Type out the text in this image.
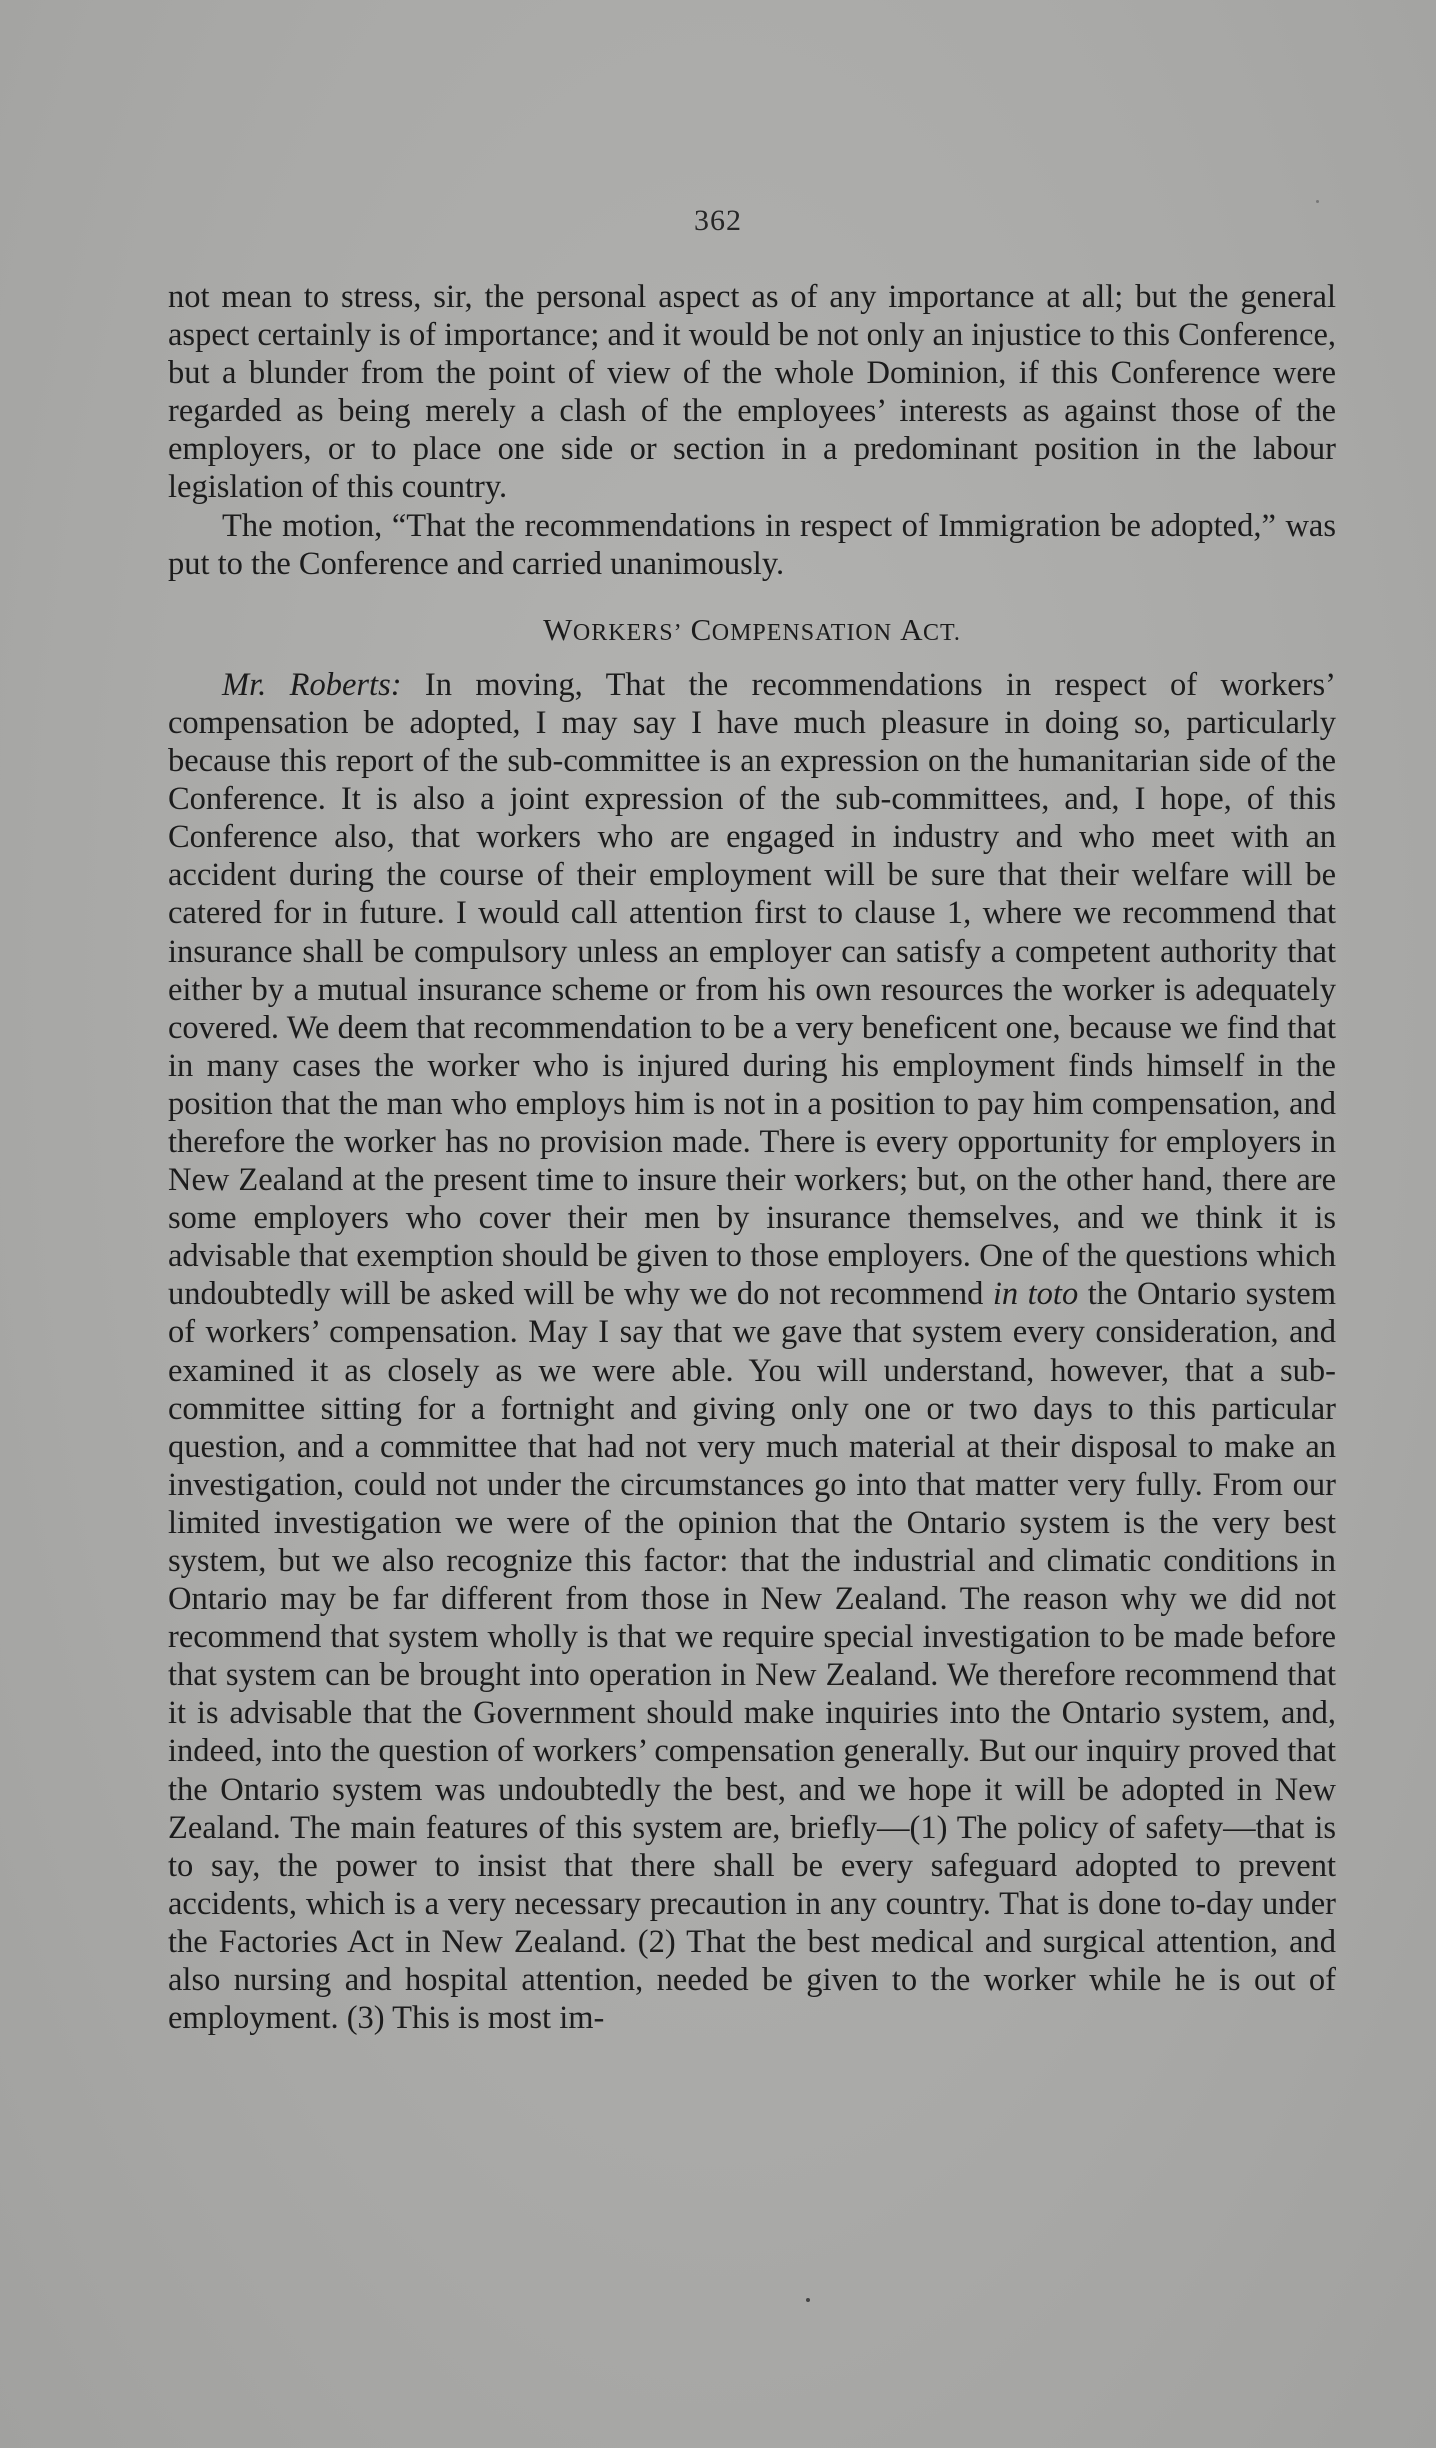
362

not mean to stress, sir, the personal aspect as of any importance at all; but the general aspect certainly is of importance; and it would be not only an injustice to this Conference, but a blunder from the point of view of the whole Dominion, if this Conference were regarded as being merely a clash of the employees’ interests as against those of the employers, or to place one side or section in a predominant position in the labour legislation of this country.

The motion, “That the recommendations in respect of Immigration be adopted,” was put to the Conference and carried unanimously.

WORKERS’ COMPENSATION ACT.

Mr. Roberts: In moving, That the recommendations in respect of workers’ compensation be adopted, I may say I have much pleasure in doing so, particularly because this report of the sub-committee is an expression on the humanitarian side of the Conference. It is also a joint expression of the sub-committees, and, I hope, of this Conference also, that workers who are engaged in industry and who meet with an accident during the course of their employment will be sure that their welfare will be catered for in future. I would call attention first to clause 1, where we recommend that insurance shall be compulsory unless an employer can satisfy a competent authority that either by a mutual insurance scheme or from his own resources the worker is adequately covered. We deem that recommendation to be a very beneficent one, because we find that in many cases the worker who is injured during his employment finds himself in the position that the man who employs him is not in a position to pay him compensation, and therefore the worker has no provision made. There is every opportunity for employers in New Zealand at the present time to insure their workers; but, on the other hand, there are some employers who cover their men by insurance themselves, and we think it is advisable that exemption should be given to those employers. One of the questions which undoubtedly will be asked will be why we do not recommend in toto the Ontario system of workers’ compensation. May I say that we gave that system every consideration, and examined it as closely as we were able. You will understand, however, that a sub-committee sitting for a fortnight and giving only one or two days to this particular question, and a committee that had not very much material at their disposal to make an investigation, could not under the circumstances go into that matter very fully. From our limited investigation we were of the opinion that the Ontario system is the very best system, but we also recognize this factor: that the industrial and climatic conditions in Ontario may be far different from those in New Zealand. The reason why we did not recommend that system wholly is that we require special investigation to be made before that system can be brought into operation in New Zealand. We therefore recommend that it is advisable that the Government should make inquiries into the Ontario system, and, indeed, into the question of workers’ compensation generally. But our inquiry proved that the Ontario system was undoubtedly the best, and we hope it will be adopted in New Zealand. The main features of this system are, briefly—(1) The policy of safety—that is to say, the power to insist that there shall be every safeguard adopted to prevent accidents, which is a very necessary precaution in any country. That is done to-day under the Factories Act in New Zealand. (2) That the best medical and surgical attention, and also nursing and hospital attention, needed be given to the worker while he is out of employment. (3) This is most im-
